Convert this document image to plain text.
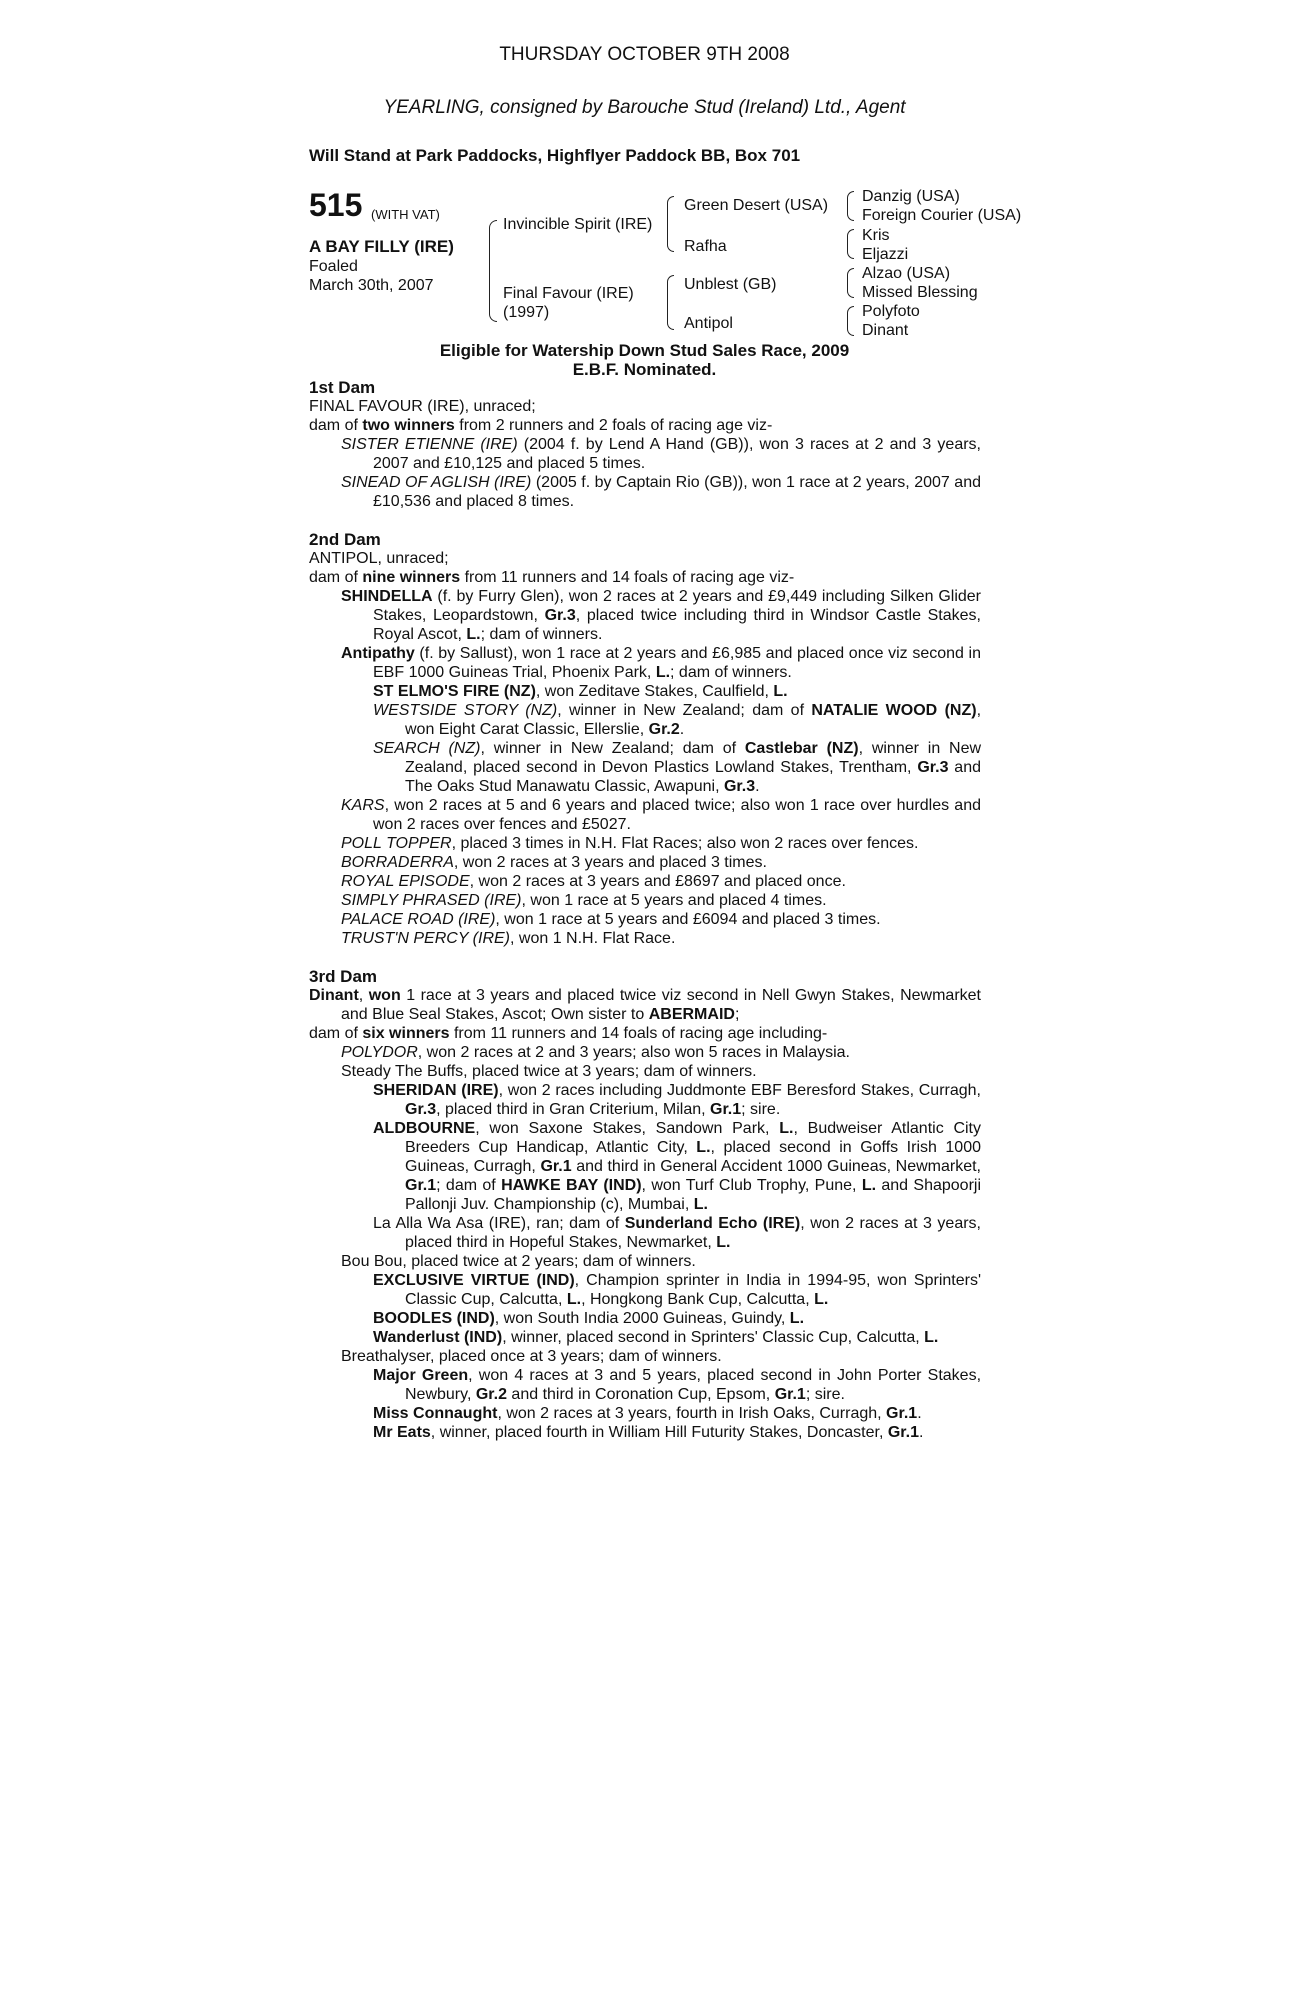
THURSDAY OCTOBER 9TH 2008
YEARLING, consigned by Barouche Stud (Ireland) Ltd., Agent
Will Stand at Park Paddocks, Highflyer Paddock BB, Box 701
515 (WITH VAT)
A BAY FILLY (IRE)
Foaled
March 30th, 2007
Invincible Spirit (IRE)
Final Favour (IRE)
(1997)
Green Desert (USA)
Rafha
Unblest (GB)
Antipol
Danzig (USA)
Foreign Courier (USA)
Kris
Eljazzi
Alzao (USA)
Missed Blessing
Polyfoto
Dinant
Eligible for Watership Down Stud Sales Race, 2009
E.B.F. Nominated.

1st Dam

FINAL FAVOUR (IRE), unraced;

dam of two winners from 2 runners and 2 foals of racing age viz-

SISTER ETIENNE (IRE) (2004 f. by Lend A Hand (GB)), won 3 races at 2 and 3 years, 2007 and £10,125 and placed 5 times.

SINEAD OF AGLISH (IRE) (2005 f. by Captain Rio (GB)), won 1 race at 2 years, 2007 and £10,536 and placed 8 times.

2nd Dam

ANTIPOL, unraced;

dam of nine winners from 11 runners and 14 foals of racing age viz-

SHINDELLA (f. by Furry Glen), won 2 races at 2 years and £9,449 including Silken Glider Stakes, Leopardstown, Gr.3, placed twice including third in Windsor Castle Stakes, Royal Ascot, L.; dam of winners.

Antipathy (f. by Sallust), won 1 race at 2 years and £6,985 and placed once viz second in EBF 1000 Guineas Trial, Phoenix Park, L.; dam of winners.

ST ELMO'S FIRE (NZ), won Zeditave Stakes, Caulfield, L.

WESTSIDE STORY (NZ), winner in New Zealand; dam of NATALIE WOOD (NZ), won Eight Carat Classic, Ellerslie, Gr.2.

SEARCH (NZ), winner in New Zealand; dam of Castlebar (NZ), winner in New Zealand, placed second in Devon Plastics Lowland Stakes, Trentham, Gr.3 and The Oaks Stud Manawatu Classic, Awapuni, Gr.3.

KARS, won 2 races at 5 and 6 years and placed twice; also won 1 race over hurdles and won 2 races over fences and £5027.

POLL TOPPER, placed 3 times in N.H. Flat Races; also won 2 races over fences.

BORRADERRA, won 2 races at 3 years and placed 3 times.

ROYAL EPISODE, won 2 races at 3 years and £8697 and placed once.

SIMPLY PHRASED (IRE), won 1 race at 5 years and placed 4 times.

PALACE ROAD (IRE), won 1 race at 5 years and £6094 and placed 3 times.

TRUST'N PERCY (IRE), won 1 N.H. Flat Race.

3rd Dam

Dinant, won 1 race at 3 years and placed twice viz second in Nell Gwyn Stakes, Newmarket and Blue Seal Stakes, Ascot; Own sister to ABERMAID;

dam of six winners from 11 runners and 14 foals of racing age including-

POLYDOR, won 2 races at 2 and 3 years; also won 5 races in Malaysia.

Steady The Buffs, placed twice at 3 years; dam of winners.

SHERIDAN (IRE), won 2 races including Juddmonte EBF Beresford Stakes, Curragh, Gr.3, placed third in Gran Criterium, Milan, Gr.1; sire.

ALDBOURNE, won Saxone Stakes, Sandown Park, L., Budweiser Atlantic City Breeders Cup Handicap, Atlantic City, L., placed second in Goffs Irish 1000 Guineas, Curragh, Gr.1 and third in General Accident 1000 Guineas, Newmarket, Gr.1; dam of HAWKE BAY (IND), won Turf Club Trophy, Pune, L. and Shapoorji Pallonji Juv. Championship (c), Mumbai, L.

La Alla Wa Asa (IRE), ran; dam of Sunderland Echo (IRE), won 2 races at 3 years, placed third in Hopeful Stakes, Newmarket, L.

Bou Bou, placed twice at 2 years; dam of winners.

EXCLUSIVE VIRTUE (IND), Champion sprinter in India in 1994-95, won Sprinters' Classic Cup, Calcutta, L., Hongkong Bank Cup, Calcutta, L.

BOODLES (IND), won South India 2000 Guineas, Guindy, L.

Wanderlust (IND), winner, placed second in Sprinters' Classic Cup, Calcutta, L.

Breathalyser, placed once at 3 years; dam of winners.

Major Green, won 4 races at 3 and 5 years, placed second in John Porter Stakes, Newbury, Gr.2 and third in Coronation Cup, Epsom, Gr.1; sire.

Miss Connaught, won 2 races at 3 years, fourth in Irish Oaks, Curragh, Gr.1.

Mr Eats, winner, placed fourth in William Hill Futurity Stakes, Doncaster, Gr.1.
